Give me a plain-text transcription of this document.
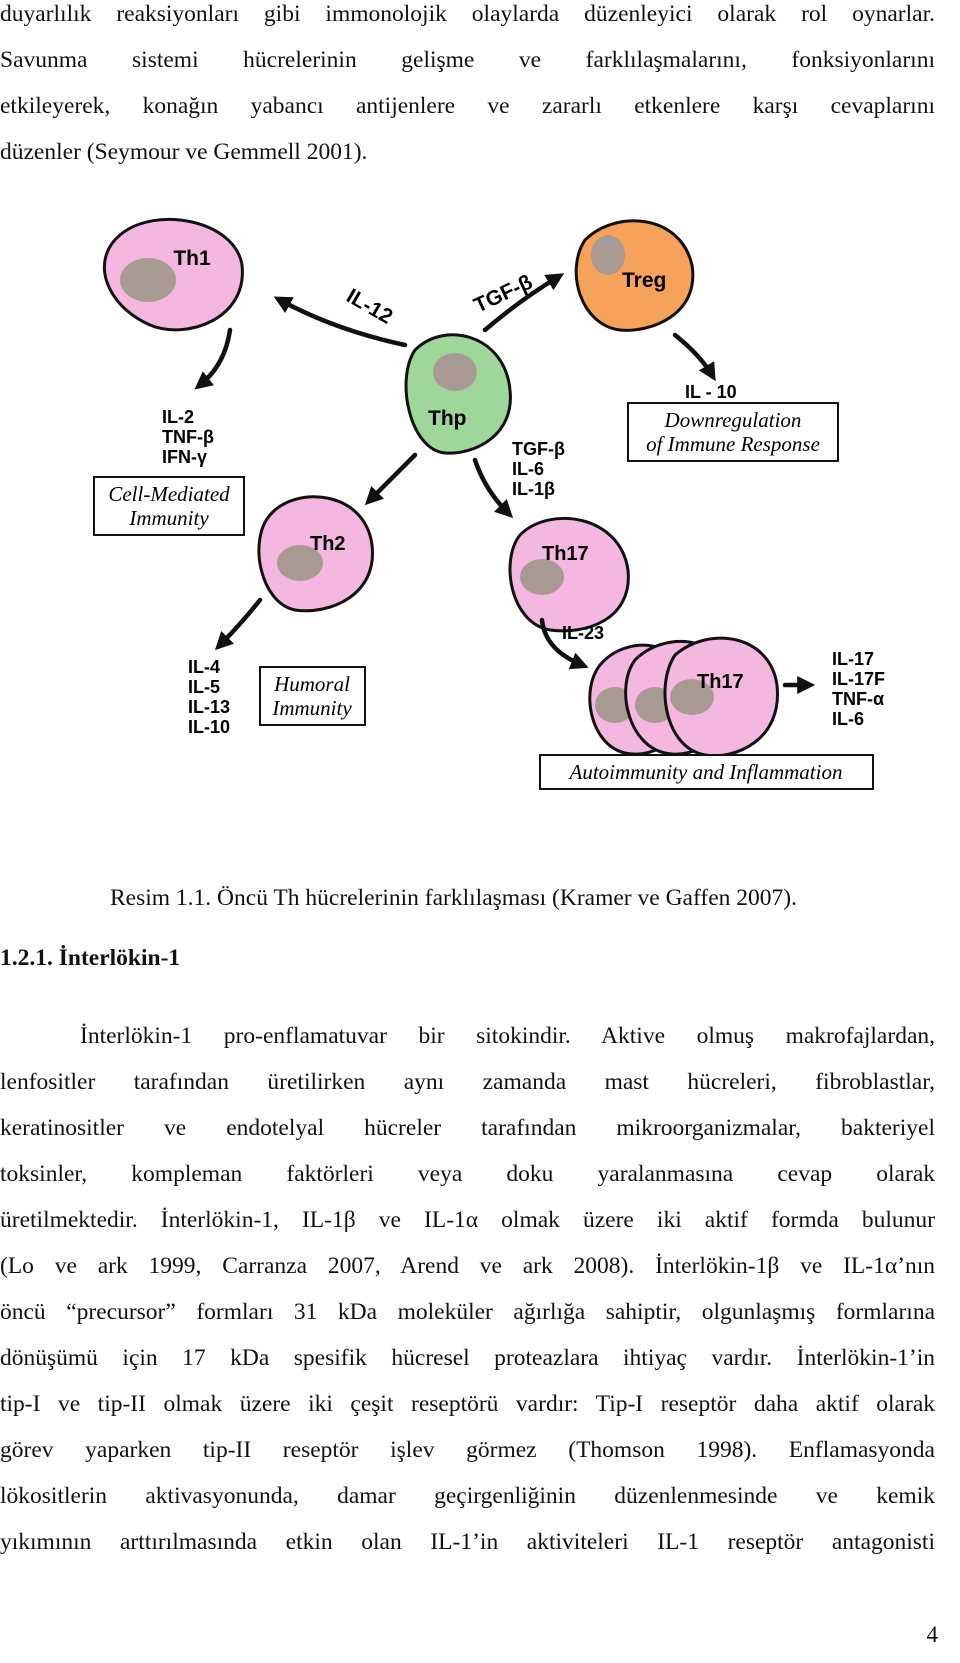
duyarlılık reaksiyonları gibi immonolojik olaylarda düzenleyici olarak rol oynarlar.
Savunma sistemi hücrelerinin gelişme ve farklılaşmalarını, fonksiyonlarını
etkileyerek, konağın yabancı antijenlere ve zararlı etkenlere karşı cevaplarını
düzenler (Seymour ve Gemmell 2001).
Th1
Treg
Thp
Th2	Th17
Th17
IL-12	TGF-β
IL - 10
IL-23
IL-2
TNF-β
IFN-γ	TGF-β
IL-6
IL-1β
IL-4
IL-5
IL-13
IL-10
IL-17
IL-17F
TNF-α
IL-6
Cell-Mediated
Immunity
Downregulation
of Immune Response
Humoral
Immunity
Autoimmunity and Inflammation
Resim 1.1. Öncü Th hücrelerinin farklılaşması (Kramer ve Gaffen 2007).
1.2.1. İnterlökin-1
İnterlökin-1 pro-enflamatuvar bir sitokindir. Aktive olmuş makrofajlardan,
lenfositler tarafından üretilirken aynı zamanda mast hücreleri, fibroblastlar,
keratinositler ve endotelyal hücreler tarafından mikroorganizmalar, bakteriyel
toksinler, kompleman faktörleri veya doku yaralanmasına cevap olarak
üretilmektedir. İnterlökin-1, IL-1β ve IL-1α olmak üzere iki aktif formda bulunur
(Lo ve ark 1999, Carranza 2007, Arend ve ark 2008). İnterlökin-1β ve IL-1α’nın
öncü “precursor” formları 31 kDa moleküler ağırlığa sahiptir, olgunlaşmış formlarına
dönüşümü için 17 kDa spesifik hücresel proteazlara ihtiyaç vardır. İnterlökin-1’in
tip-I ve tip-II olmak üzere iki çeşit reseptörü vardır: Tip-I reseptör daha aktif olarak
görev yaparken tip-II reseptör işlev görmez (Thomson 1998). Enflamasyonda
lökositlerin aktivasyonunda, damar geçirgenliğinin düzenlenmesinde ve kemik
yıkımının arttırılmasında etkin olan IL-1’in aktiviteleri IL-1 reseptör antagonisti
4
